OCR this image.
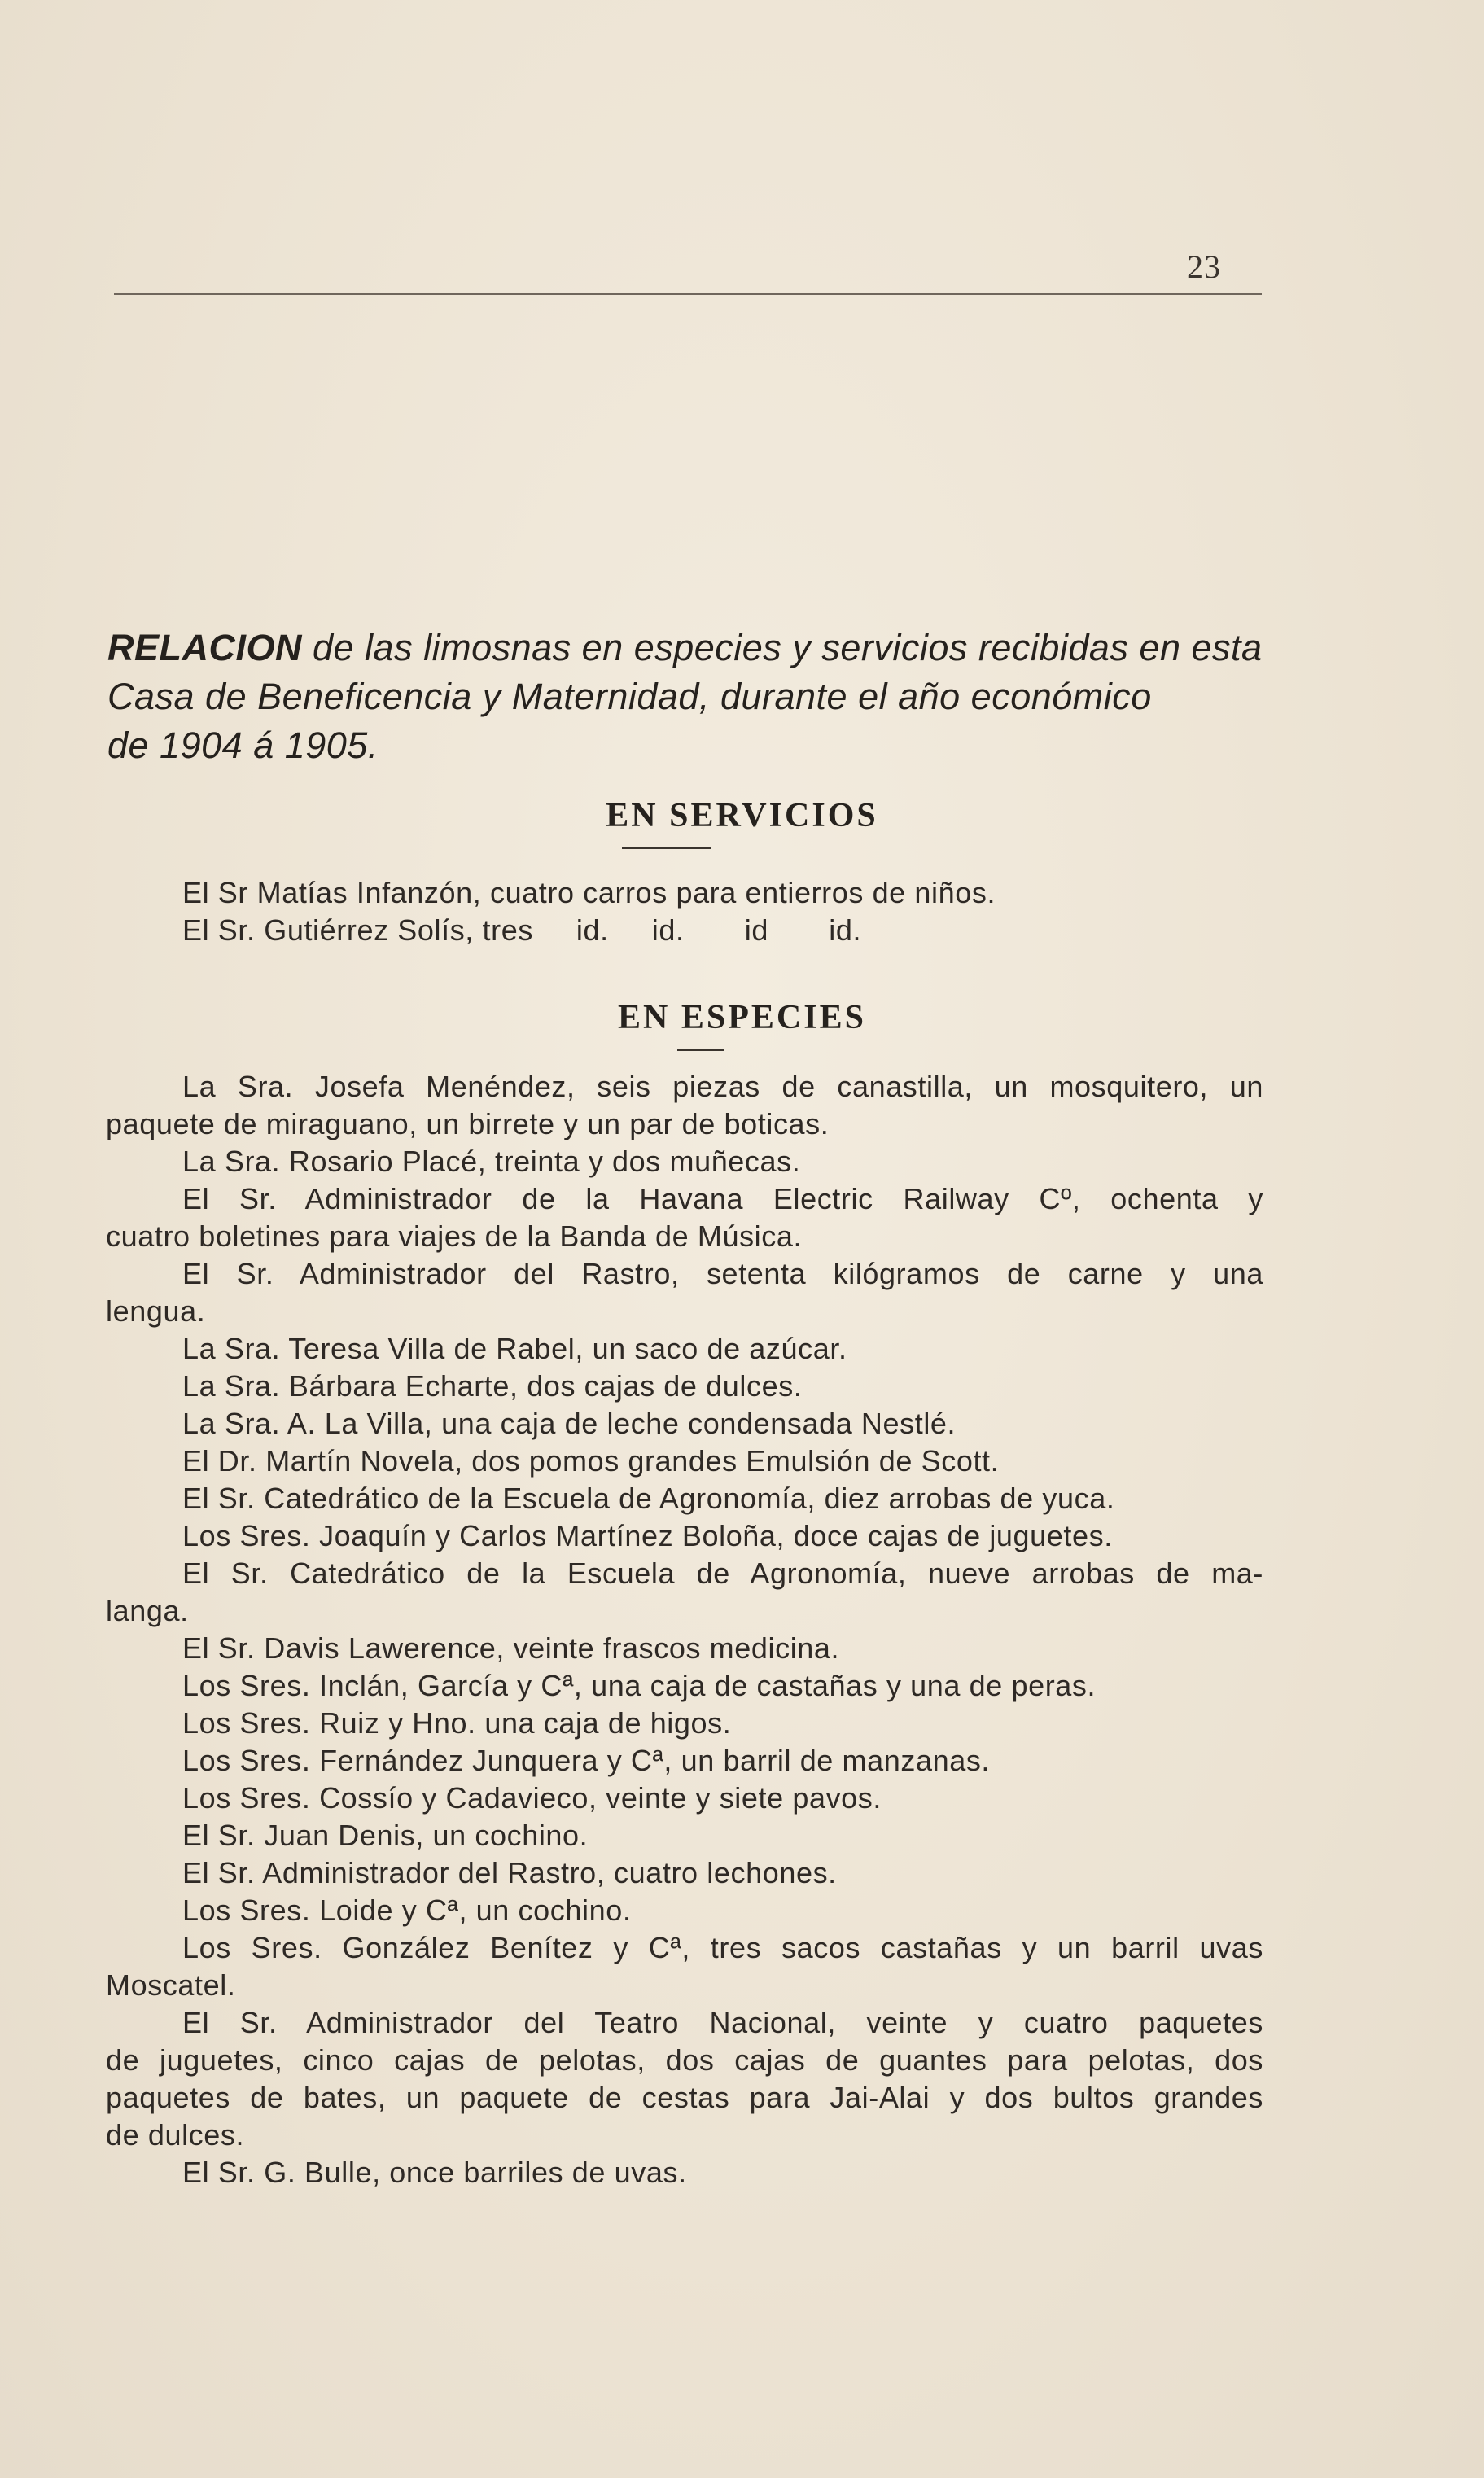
23
RELACION de las limosnas en especies y servicios recibidas en esta
Casa de Beneficencia y Maternidad, durante el año económico
de 1904 á 1905.
EN SERVICIOS
El Sr Matías Infanzón, cuatro carros para entierros de niños.
El Sr. Gutiérrez Solís, tres     id.     id.       id       id.
EN ESPECIES
La Sra. Josefa Menéndez, seis piezas de canastilla, un mosquitero, un
paquete de miraguano, un birrete y un par de boticas.
La Sra. Rosario Placé, treinta y dos muñecas.
El Sr. Administrador de la Havana Electric Railway Cº, ochenta y
cuatro boletines para viajes de la Banda de Música.
El Sr. Administrador del Rastro, setenta kilógramos de carne y una
lengua.
La Sra. Teresa Villa de Rabel, un saco de azúcar.
La Sra. Bárbara Echarte, dos cajas de dulces.
La Sra. A. La Villa, una caja de leche condensada Nestlé.
El Dr. Martín Novela, dos pomos grandes Emulsión de Scott.
El Sr. Catedrático de la Escuela de Agronomía, diez arrobas de yuca.
Los Sres. Joaquín y Carlos Martínez Boloña, doce cajas de juguetes.
El Sr. Catedrático de la Escuela de Agronomía, nueve arrobas de ma-
langa.
El Sr. Davis Lawerence, veinte frascos medicina.
Los Sres. Inclán, García y Cª, una caja de castañas y una de peras.
Los Sres. Ruiz y Hno. una caja de higos.
Los Sres. Fernández Junquera y Cª, un barril de manzanas.
Los Sres. Cossío y Cadavieco, veinte y siete pavos.
El Sr. Juan Denis, un cochino.
El Sr. Administrador del Rastro, cuatro lechones.
Los Sres. Loide y Cª, un cochino.
Los Sres. González Benítez y Cª, tres sacos castañas y un barril uvas
Moscatel.
El Sr. Administrador del Teatro Nacional, veinte y cuatro paquetes
de juguetes, cinco cajas de pelotas, dos cajas de guantes para pelotas, dos
paquetes de bates, un paquete de cestas para Jai-Alai y dos bultos grandes
de dulces.
El Sr. G. Bulle, once barriles de uvas.
